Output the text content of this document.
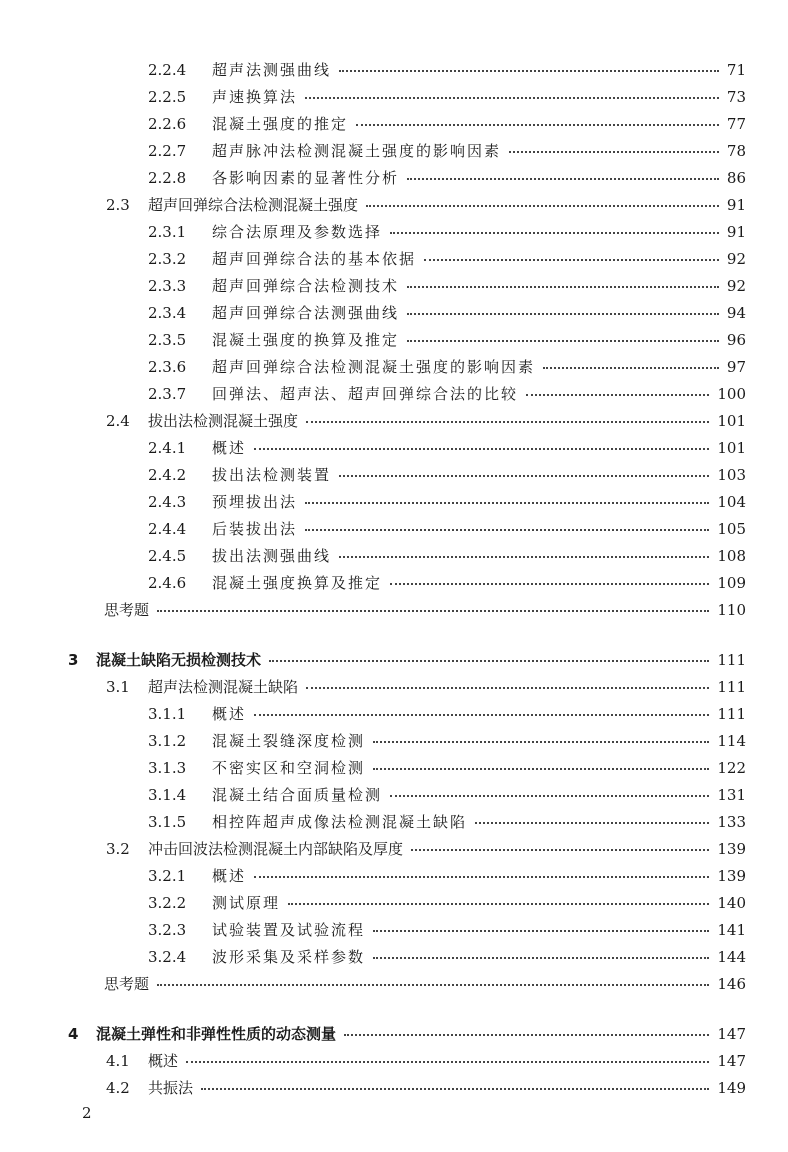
2.2.4 超声法测强曲线	71
2.2.5 声速换算法	73
2.2.6 混凝土强度的推定	77
2.2.7 超声脉冲法检测混凝土强度的影响因素	78
2.2.8 各影响因素的显著性分析	86
2.3 超声回弹综合法检测混凝土强度	91
2.3.1 综合法原理及参数选择	91
2.3.2 超声回弹综合法的基本依据	92
2.3.3 超声回弹综合法检测技术	92
2.3.4 超声回弹综合法测强曲线	94
2.3.5 混凝土强度的换算及推定	96
2.3.6 超声回弹综合法检测混凝土强度的影响因素	97
2.3.7 回弹法、超声法、超声回弹综合法的比较	100
2.4 拔出法检测混凝土强度	101
2.4.1 概述	101
2.4.2 拔出法检测装置	103
2.4.3 预埋拔出法	104
2.4.4 后装拔出法	105
2.4.5 拔出法测强曲线	108
2.4.6 混凝土强度换算及推定	109
思考题	110
3 混凝土缺陷无损检测技术	111
3.1 超声法检测混凝土缺陷	111
3.1.1 概述	111
3.1.2 混凝土裂缝深度检测	114
3.1.3 不密实区和空洞检测	122
3.1.4 混凝土结合面质量检测	131
3.1.5 相控阵超声成像法检测混凝土缺陷	133
3.2 冲击回波法检测混凝土内部缺陷及厚度	139
3.2.1 概述	139
3.2.2 测试原理	140
3.2.3 试验装置及试验流程	141
3.2.4 波形采集及采样参数	144
思考题	146
4 混凝土弹性和非弹性性质的动态测量	147
4.1 概述	147
4.2 共振法	149
2
